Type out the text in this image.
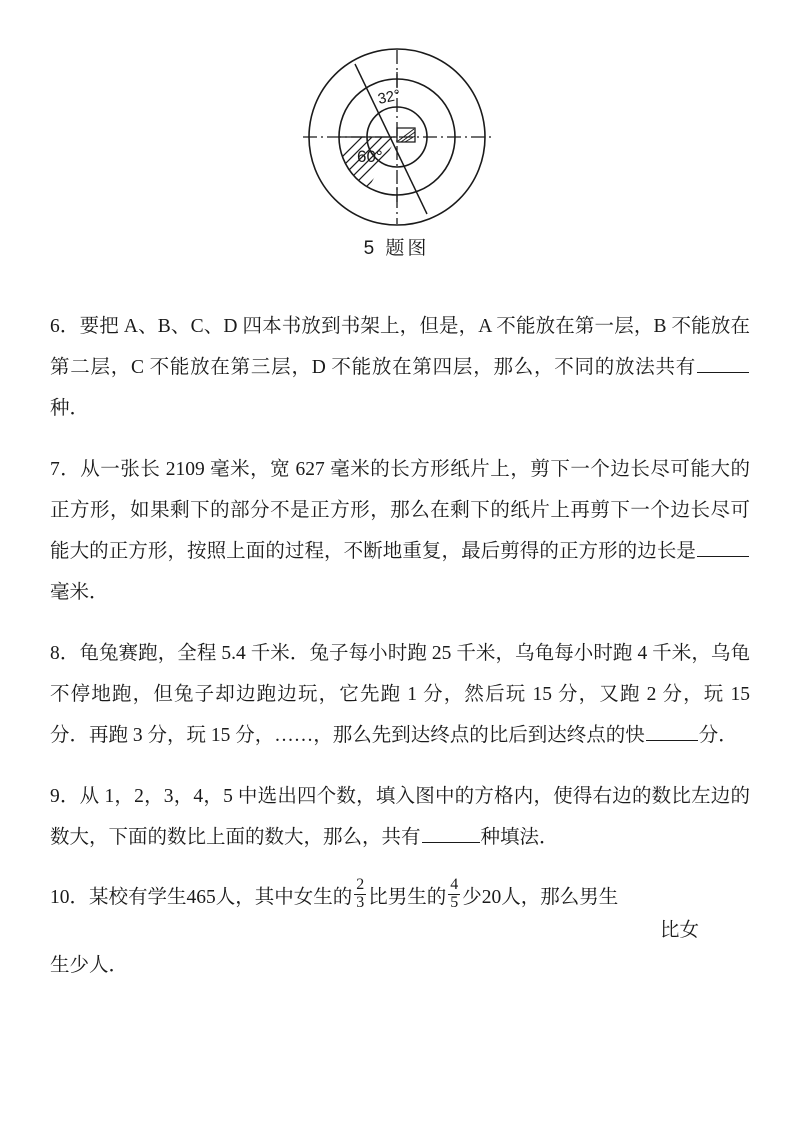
32°
60°
5 题图

6．要把 A、B、C、D 四本书放到书架上，但是，A 不能放在第一层，B 不能放在第二层，C 不能放在第三层，D 不能放在第四层，那么，不同的放法共有种．

7．从一张长 2109 毫米，宽 627 毫米的长方形纸片上，剪下一个边长尽可能大的正方形，如果剩下的部分不是正方形，那么在剩下的纸片上再剪下一个边长尽可能大的正方形，按照上面的过程，不断地重复，最后剪得的正方形的边长是毫米．

8．龟兔赛跑，全程 5.4 千米．兔子每小时跑 25 千米，乌龟每小时跑 4 千米，乌龟不停地跑，但兔子却边跑边玩，它先跑 1 分，然后玩 15 分，又跑 2 分，玩 15 分．再跑 3 分，玩 15 分，……，那么先到达终点的比后到达终点的快	分．

9．从 1，2，3，4，5 中选出四个数，填入图中的方格内，使得右边的数比左边的数大，下面的数比上面的数大，那么，共有	种填法．

10．某校有学生465人，其中女生的 $\frac{2}{3}$ 比男生的 $\frac{4}{5}$ 少20人，那么男生
比女
生少人．
